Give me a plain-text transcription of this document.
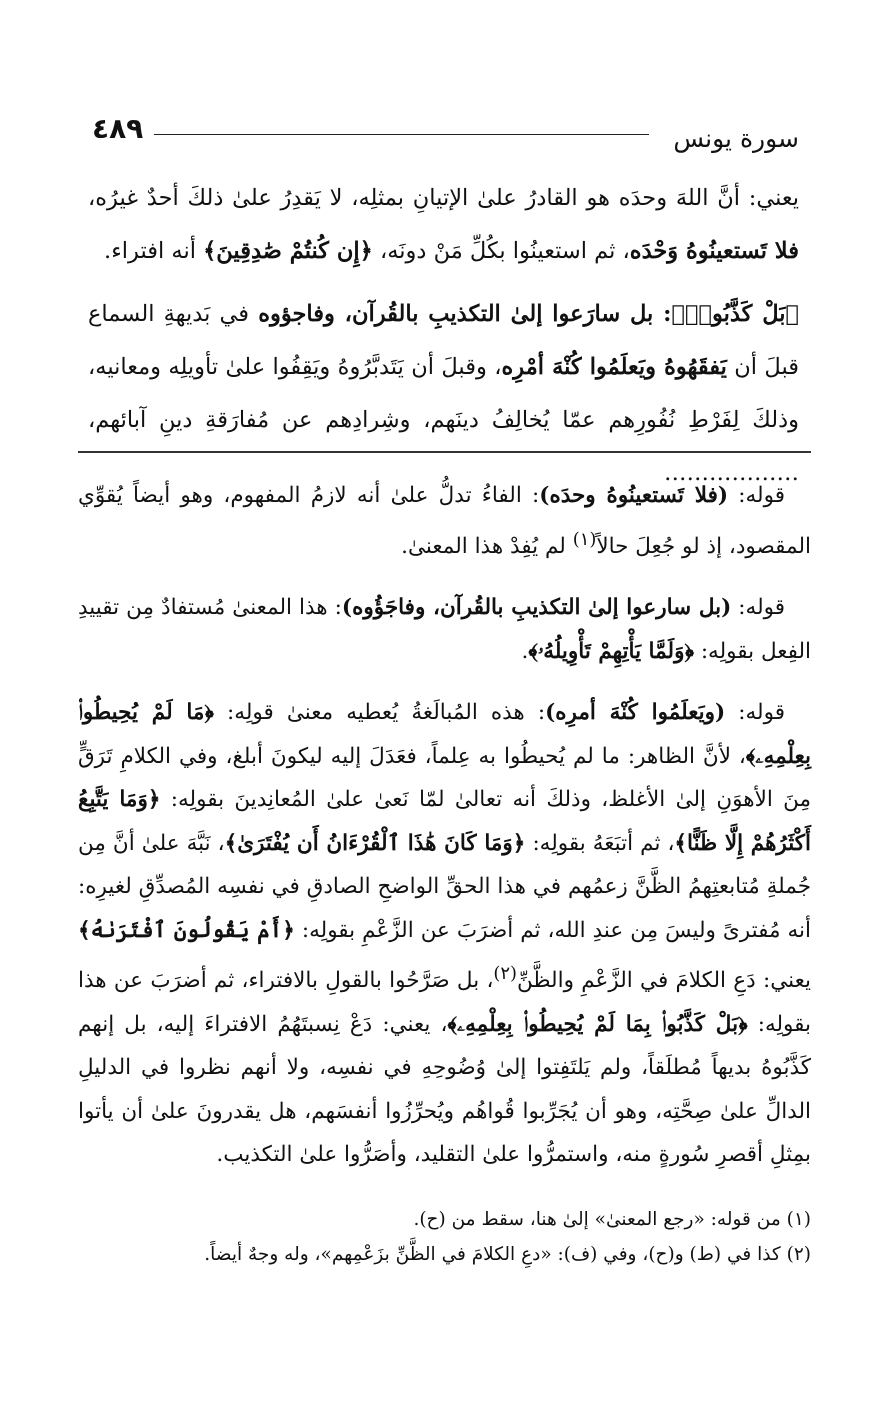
٤٨٩	سورة يونس

يعني: أنَّ اللهَ وحدَه هو القادرُ علىٰ الإتيانِ بمثلِه، لا يَقدِرُ علىٰ ذلكَ أحدٌ غيرُه، فلا تَستعينُوهُ وَحْدَه، ثم استعينُوا بكُلِّ مَنْ دونَه، ﴿إِن كُنتُمْ صَٰدِقِينَ﴾ أنه افتراء.

﴿بَلْ كَذَّبُوا۟﴾: بل سارَعوا إلىٰ التكذيبِ بالقُرآن، وفاجؤوه في بَديهةِ السماع قبلَ أن يَفقَهُوهُ ويَعلَمُوا كُنْهَ أمْرِه، وقبلَ أن يَتَدبَّرُوهُ ويَقِفُوا علىٰ تأويلِه ومعانيه، وذلكَ لِفَرْطِ نُفُورِهم عمّا يُخالِفُ دينَهم، وشِرادِهم عن مُفارَقةِ دينِ آبائهم، ………………

قوله: (فلا تَستعينُوهُ وحدَه): الفاءُ تدلُّ علىٰ أنه لازمُ المفهوم، وهو أيضاً يُقوِّي المقصود، إذ لو جُعِلَ حالاً$^{(١)}$ لم يُفِدْ هذا المعنىٰ.

قوله: (بل سارعوا إلىٰ التكذيبِ بالقُرآن، وفاجَؤُوه): هذا المعنىٰ مُستفادٌ مِن تقييدِ الفِعل بقولِه: ﴿وَلَمَّا يَأْتِهِمْ تَأْوِيلُهُۥ﴾.

قوله: (ويَعلَمُوا كُنْهَ أمرِه): هذه المُبالَغةُ يُعطيه معنىٰ قولِه: ﴿مَا لَمْ يُحِيطُوا۟ بِعِلْمِهِۦ﴾، لأنَّ الظاهر: ما لم يُحيطُوا به عِلماً، فعَدَلَ إليه ليكونَ أبلغ، وفي الكلامِ تَرَقٍّ مِنَ الأهوَنِ إلىٰ الأغلظ، وذلكَ أنه تعالىٰ لمّا نَعىٰ علىٰ المُعانِدينَ بقولِه: ﴿وَمَا يَتَّبِعُ أَكْثَرُهُمْ إِلَّا ظَنًّا﴾، ثم أتبَعَهُ بقولِه: ﴿وَمَا كَانَ هَٰذَا ٱلْقُرْءَانُ أَن يُفْتَرَىٰ﴾، نَبَّهَ علىٰ أنَّ مِن جُملةِ مُتابعتِهمُ الظَّنَّ زعمُهم في هذا الحقِّ الواضحِ الصادقِ في نفسِه المُصدِّقِ لغيرِه: أنه مُفترىً وليسَ مِن عندِ الله، ثم أضرَبَ عن الزَّعْمِ بقولِه: ﴿أَمْ يَقُولُونَ ٱفْتَرَىٰهُ﴾ يعني: دَعِ الكلامَ في الزَّعْمِ والظَّنِّ$^{(٢)}$، بل صَرَّحُوا بالقولِ بالافتراء، ثم أضرَبَ عن هذا بقولِه: ﴿بَلْ كَذَّبُوا۟ بِمَا لَمْ يُحِيطُوا۟ بِعِلْمِهِۦ﴾، يعني: دَعْ نِسبتَهُمُ الافتراءَ إليه، بل إنهم كَذَّبُوهُ بديهاً مُطلَقاً، ولم يَلتَفِتوا إلىٰ وُضُوحِهِ في نفسِه، ولا أنهم نظروا في الدليلِ الدالِّ علىٰ صِحَّتِه، وهو أن يُجَرِّبوا قُواهُم ويُحرِّزُوا أنفسَهم، هل يقدرونَ علىٰ أن يأتوا بمِثلِ أقصرِ سُورةٍ منه، واستمرُّوا علىٰ التقليد، وأصَرُّوا علىٰ التكذيب.

(١) من قوله: «رجع المعنىٰ» إلىٰ هنا، سقط من (ح).

(٢) كذا في (ط) و(ح)، وفي (ف): «دعِ الكلامَ في الظَّنِّ بزَعْمِهم»، وله وجهٌ أيضاً.
